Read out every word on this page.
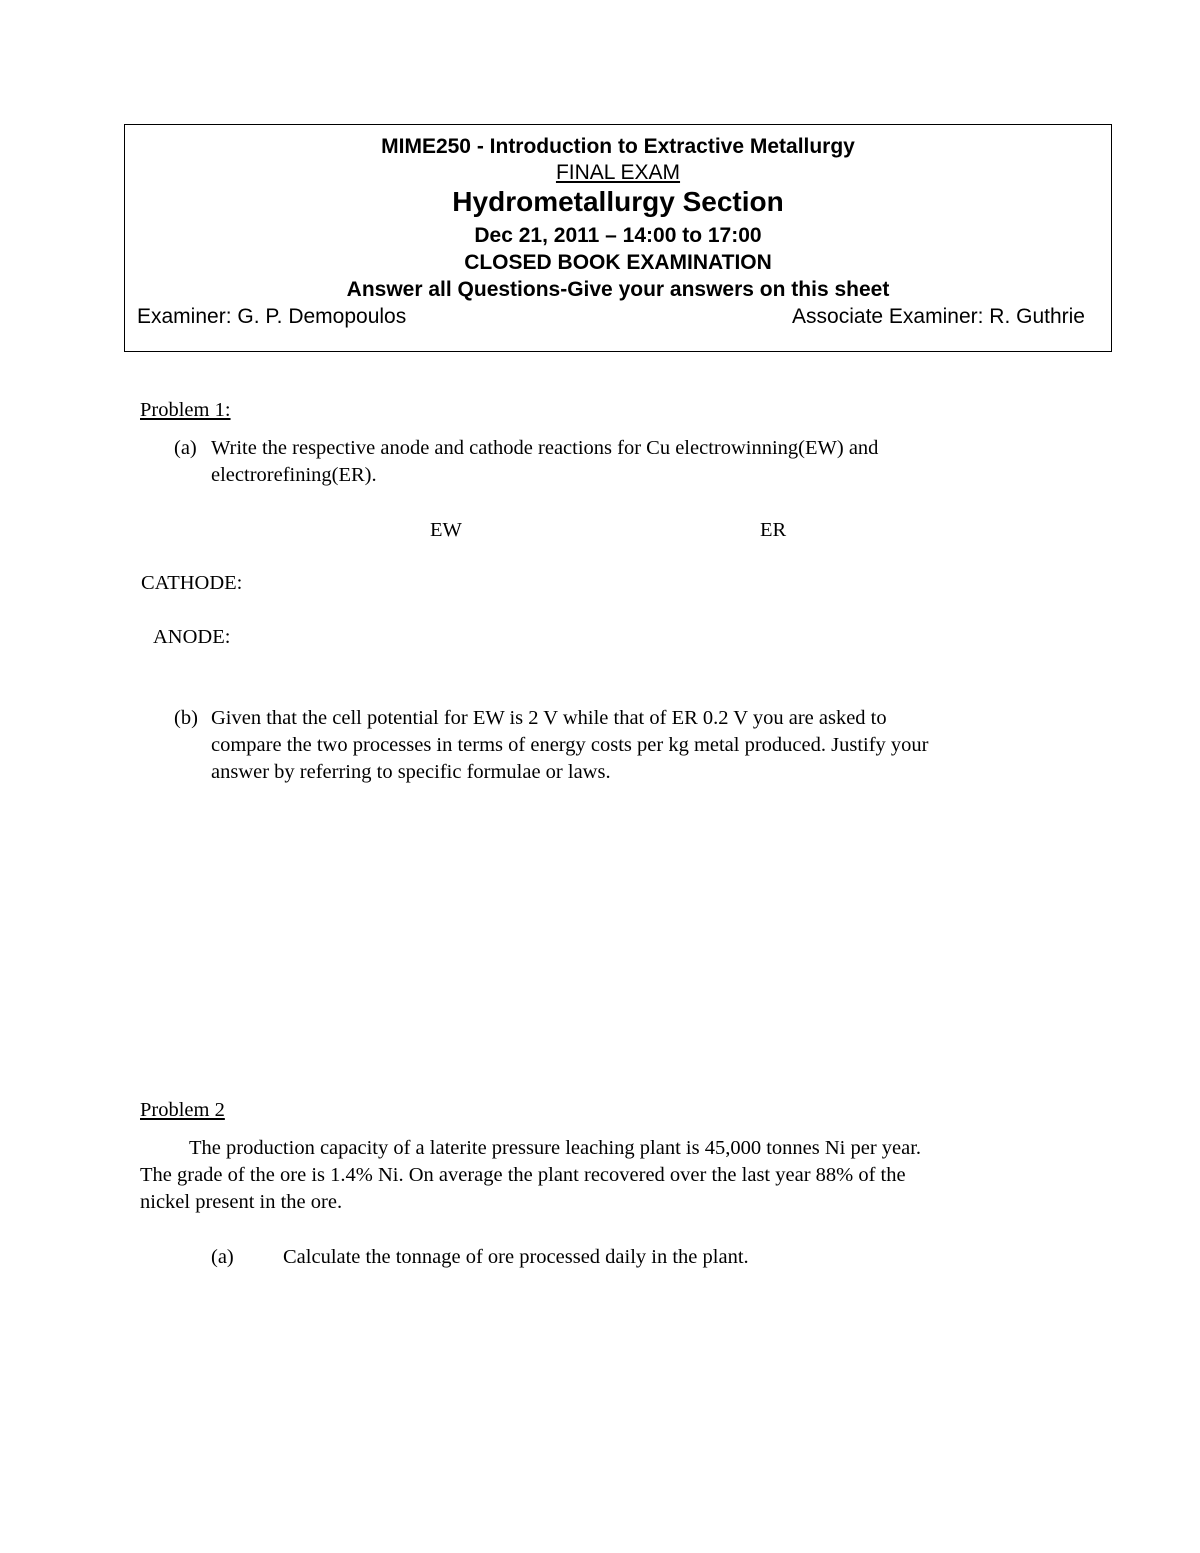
MIME250 - Introduction to Extractive Metallurgy
FINAL EXAM
Hydrometallurgy Section
Dec 21, 2011 – 14:00 to 17:00
CLOSED BOOK EXAMINATION
Answer all Questions-Give your answers on this sheet
Examiner: G. P. Demopoulos	Associate Examiner: R. Guthrie
Problem 1:
(a) Write the respective anode and cathode reactions for Cu electrowinning(EW) and
electrorefining(ER).
EW	ER
CATHODE:
ANODE:
(b) Given that the cell potential for EW is 2 V while that of ER 0.2 V you are asked to
compare the two processes in terms of energy costs per kg metal produced. Justify your
answer by referring to specific formulae or laws.
Problem 2
The production capacity of a laterite pressure leaching plant is 45,000 tonnes Ni per year.
The grade of the ore is 1.4% Ni. On average the plant recovered over the last year 88% of the
nickel present in the ore.
(a) Calculate the tonnage of ore processed daily in the plant.
